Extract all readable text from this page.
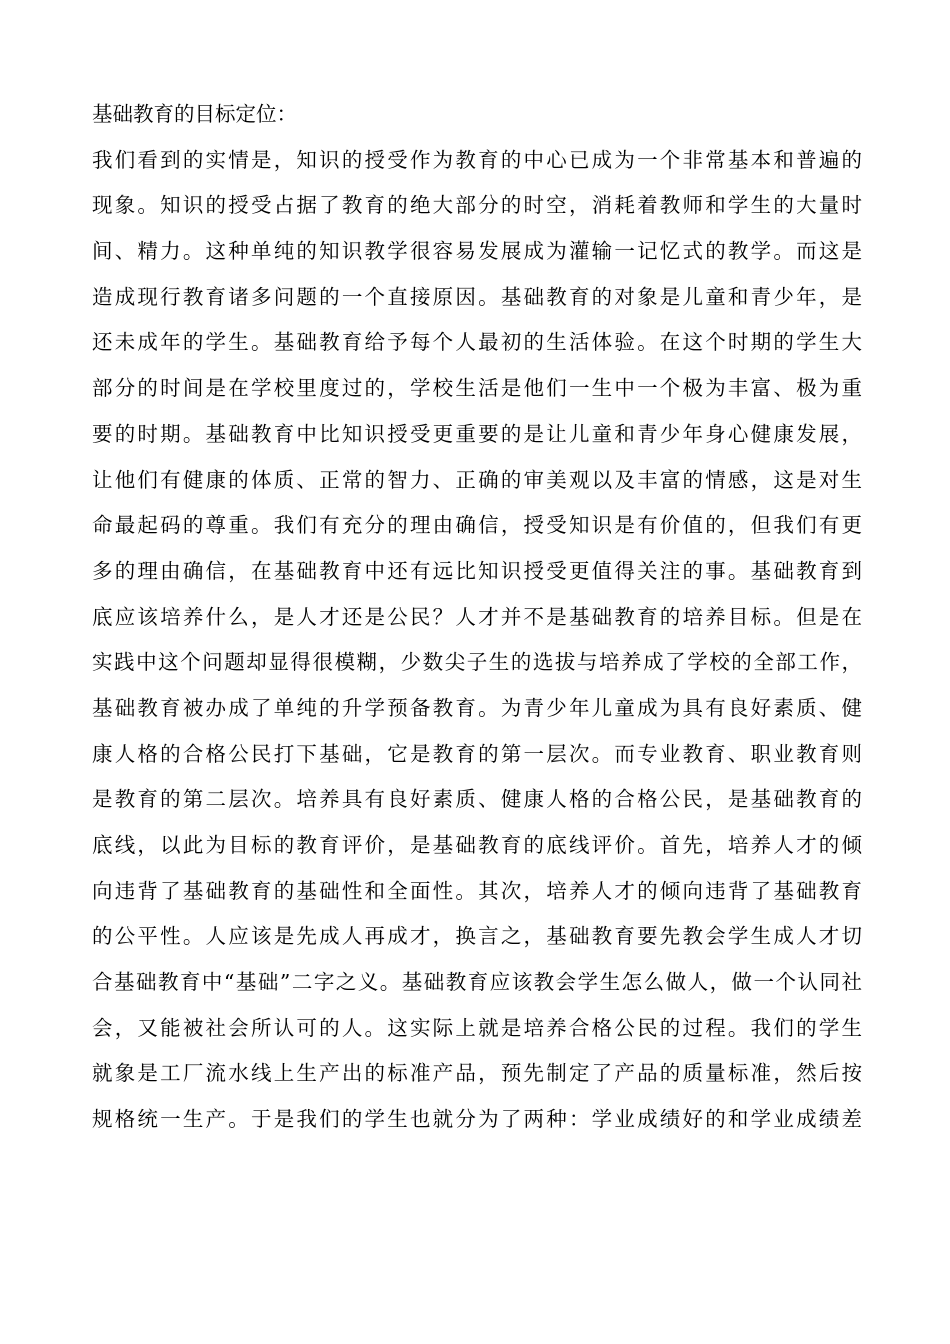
基础教育的目标定位：
我们看到的实情是，知识的授受作为教育的中心已成为一个非常基本和普遍的
现象。知识的授受占据了教育的绝大部分的时空，消耗着教师和学生的大量时
间、精力。这种单纯的知识教学很容易发展成为灌输一记忆式的教学。而这是
造成现行教育诸多问题的一个直接原因。基础教育的对象是儿童和青少年，是
还未成年的学生。基础教育给予每个人最初的生活体验。在这个时期的学生大
部分的时间是在学校里度过的，学校生活是他们一生中一个极为丰富、极为重
要的时期。基础教育中比知识授受更重要的是让儿童和青少年身心健康发展，
让他们有健康的体质、正常的智力、正确的审美观以及丰富的情感，这是对生
命最起码的尊重。我们有充分的理由确信，授受知识是有价值的，但我们有更
多的理由确信，在基础教育中还有远比知识授受更值得关注的事。基础教育到
底应该培养什么，是人才还是公民？人才并不是基础教育的培养目标。但是在
实践中这个问题却显得很模糊，少数尖子生的选拔与培养成了学校的全部工作，
基础教育被办成了单纯的升学预备教育。为青少年儿童成为具有良好素质、健
康人格的合格公民打下基础，它是教育的第一层次。而专业教育、职业教育则
是教育的第二层次。培养具有良好素质、健康人格的合格公民，是基础教育的
底线，以此为目标的教育评价，是基础教育的底线评价。首先，培养人才的倾
向违背了基础教育的基础性和全面性。其次，培养人才的倾向违背了基础教育
的公平性。人应该是先成人再成才，换言之，基础教育要先教会学生成人才切
合基础教育中“基础”二字之义。基础教育应该教会学生怎么做人，做一个认同社
会，又能被社会所认可的人。这实际上就是培养合格公民的过程。我们的学生
就象是工厂流水线上生产出的标准产品，预先制定了产品的质量标准，然后按
规格统一生产。于是我们的学生也就分为了两种：学业成绩好的和学业成绩差
